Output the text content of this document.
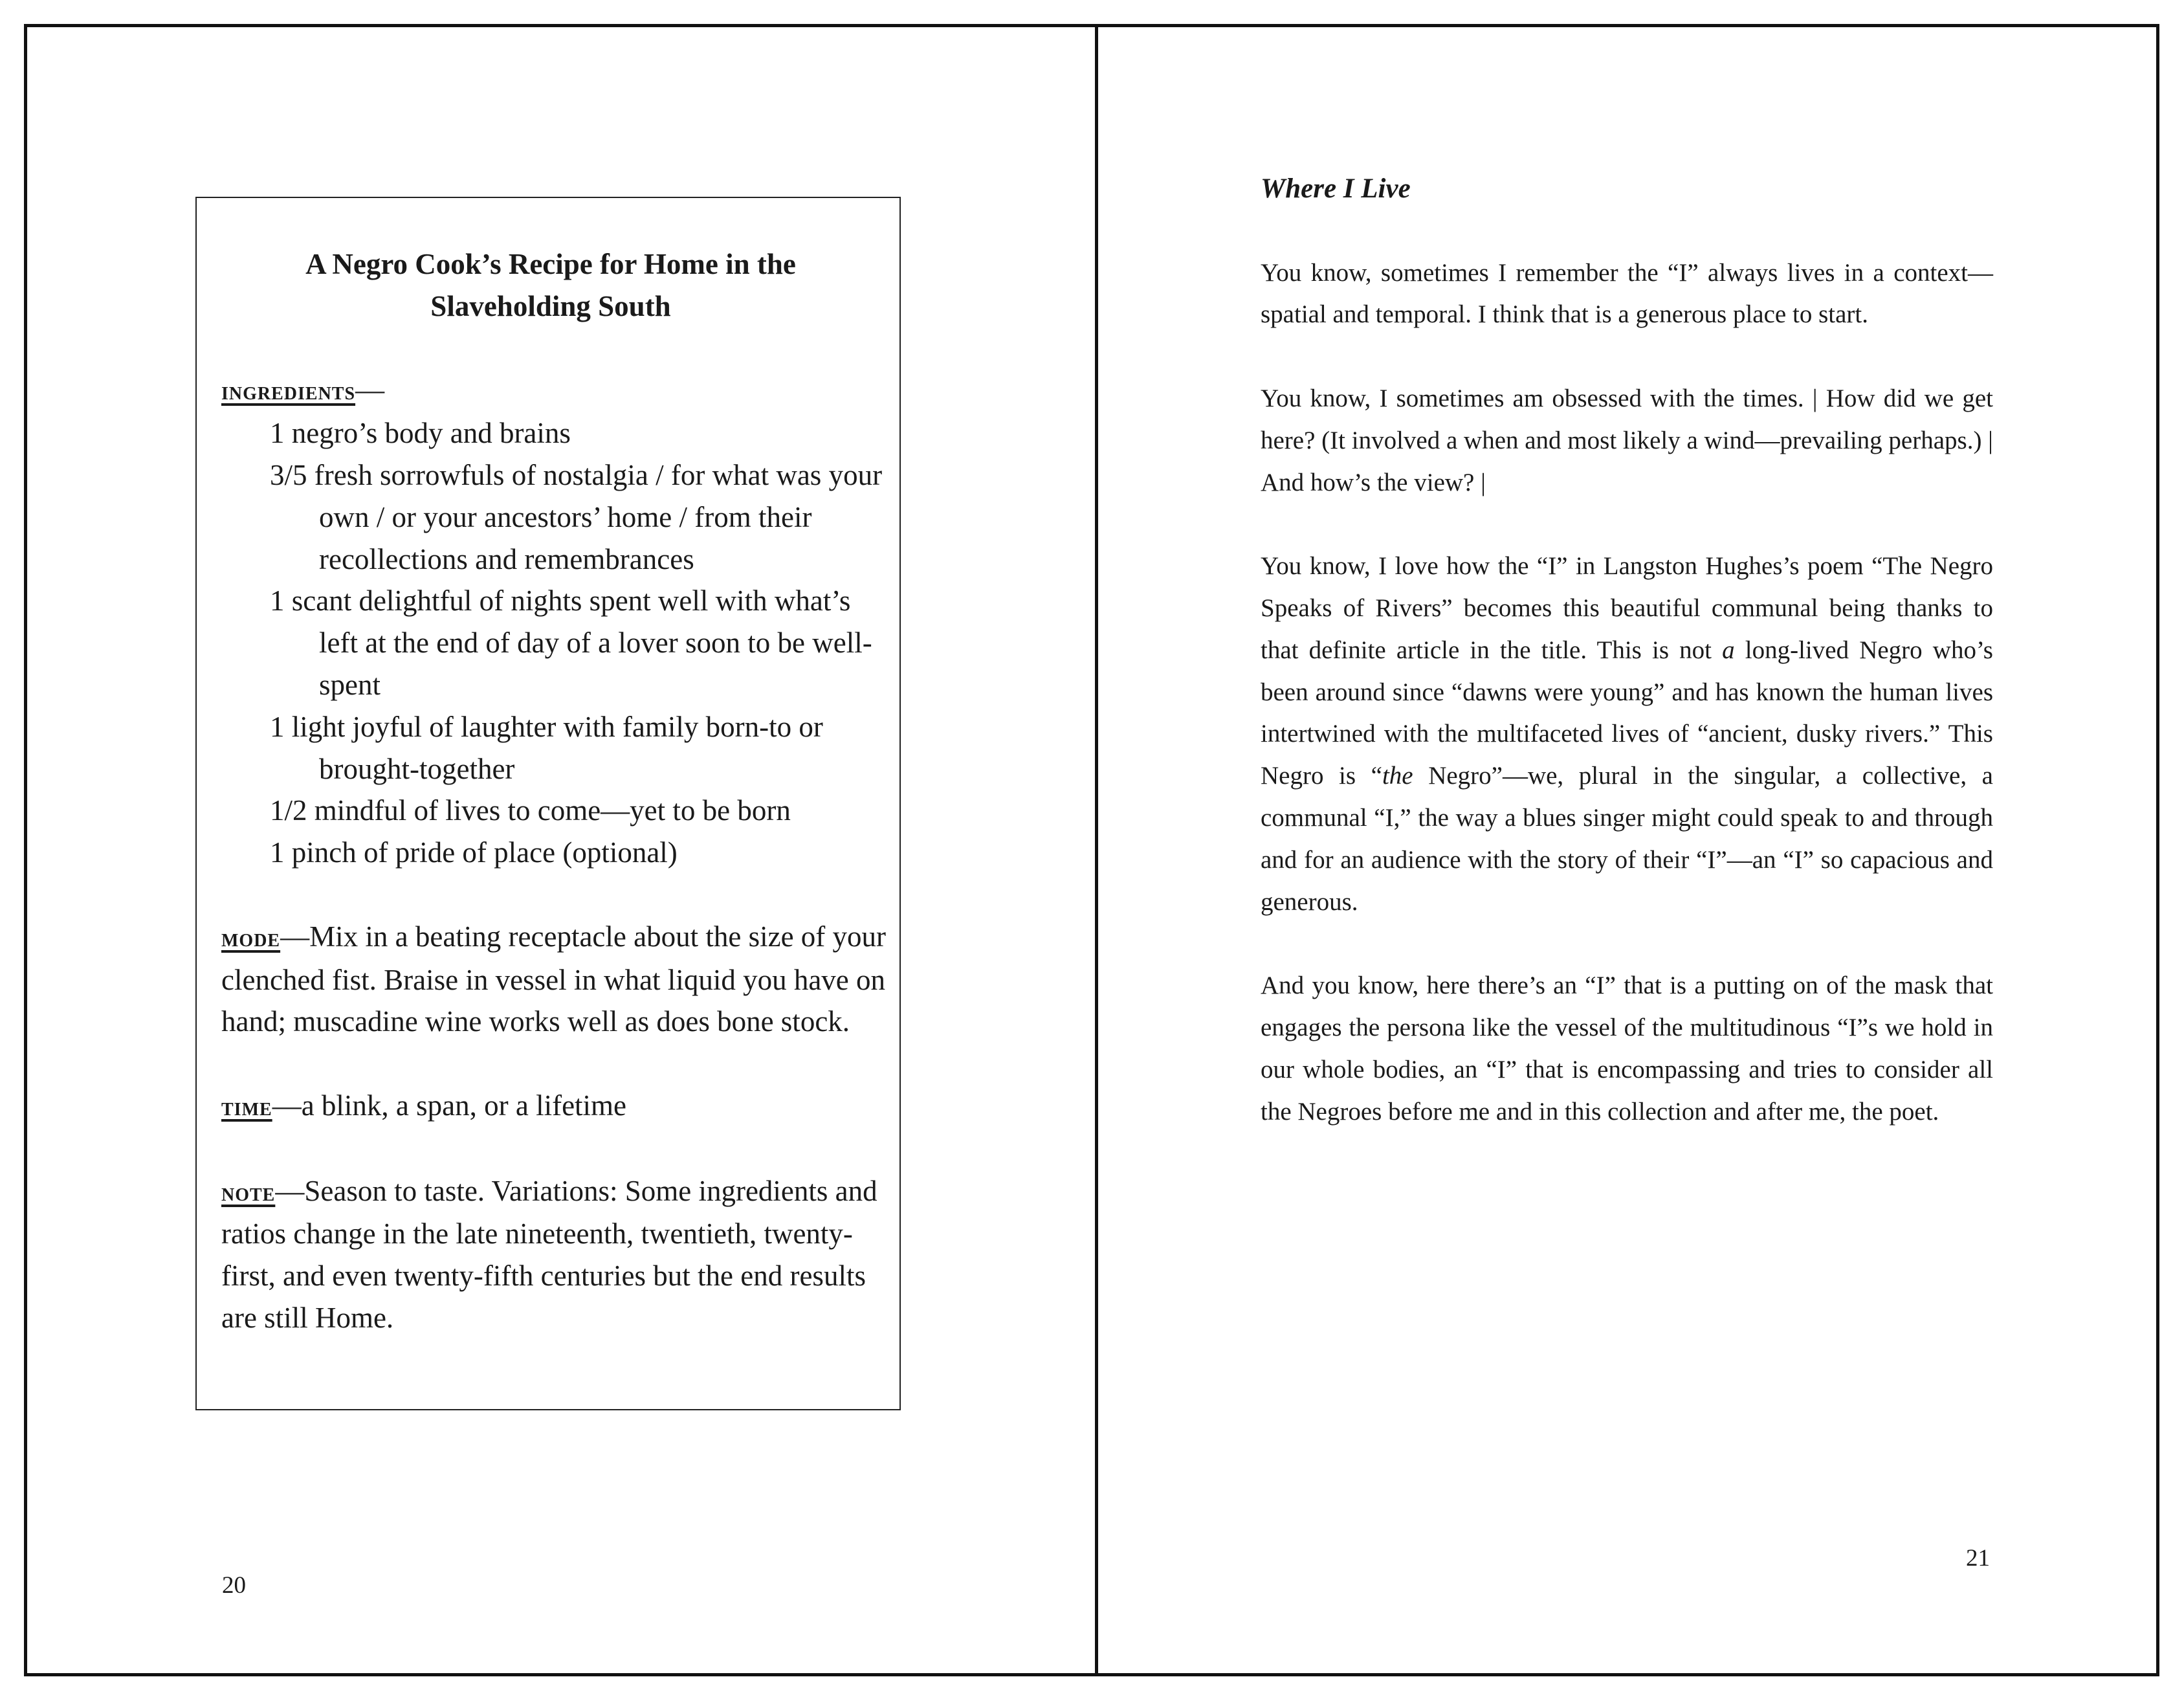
A Negro Cook’s Recipe for Home in the
Slaveholding South
ingredients—
1 negro’s body and brains
3/5 fresh sorrowfuls of nostalgia / for what was your own / or your ancestors’ home / from their recollections and remembrances
1 scant delightful of nights spent well with what’s left at the end of day of a lover soon to be well-spent
1 light joyful of laughter with family born-to or brought-together
1/2 mindful of lives to come—yet to be born
1 pinch of pride of place (optional)

mode—Mix in a beating receptacle about the size of your clenched fist. Braise in vessel in what liquid you have on hand; muscadine wine works well as does bone stock.

time—a blink, a span, or a lifetime

note—Season to taste. Variations: Some ingredients and ratios change in the late nineteenth, twentieth, twenty-first, and even twenty-fifth centuries but the end results are still Home.

20
Where I Live

You know, sometimes I remember the “I” always lives in a context—spatial and temporal. I think that is a generous place to start.

You know, I sometimes am obsessed with the times. | How did we get here? (It involved a when and most likely a wind—prevailing perhaps.) | And how’s the view? |

You know, I love how the “I” in Langston Hughes’s poem “The Negro Speaks of Rivers” becomes this beautiful communal being thanks to that definite article in the title. This is not a long-lived Negro who’s been around since “dawns were young” and has known the human lives intertwined with the multifaceted lives of “ancient, dusky rivers.” This Negro is “the Negro”—we, plural in the singular, a collective, a communal “I,” the way a blues singer might could speak to and through and for an audience with the story of their “I”—an “I” so capacious and generous.

And you know, here there’s an “I” that is a putting on of the mask that engages the persona like the vessel of the multitudinous “I”s we hold in our whole bodies, an “I” that is encompassing and tries to consider all the Negroes before me and in this collection and after me, the poet.

21
